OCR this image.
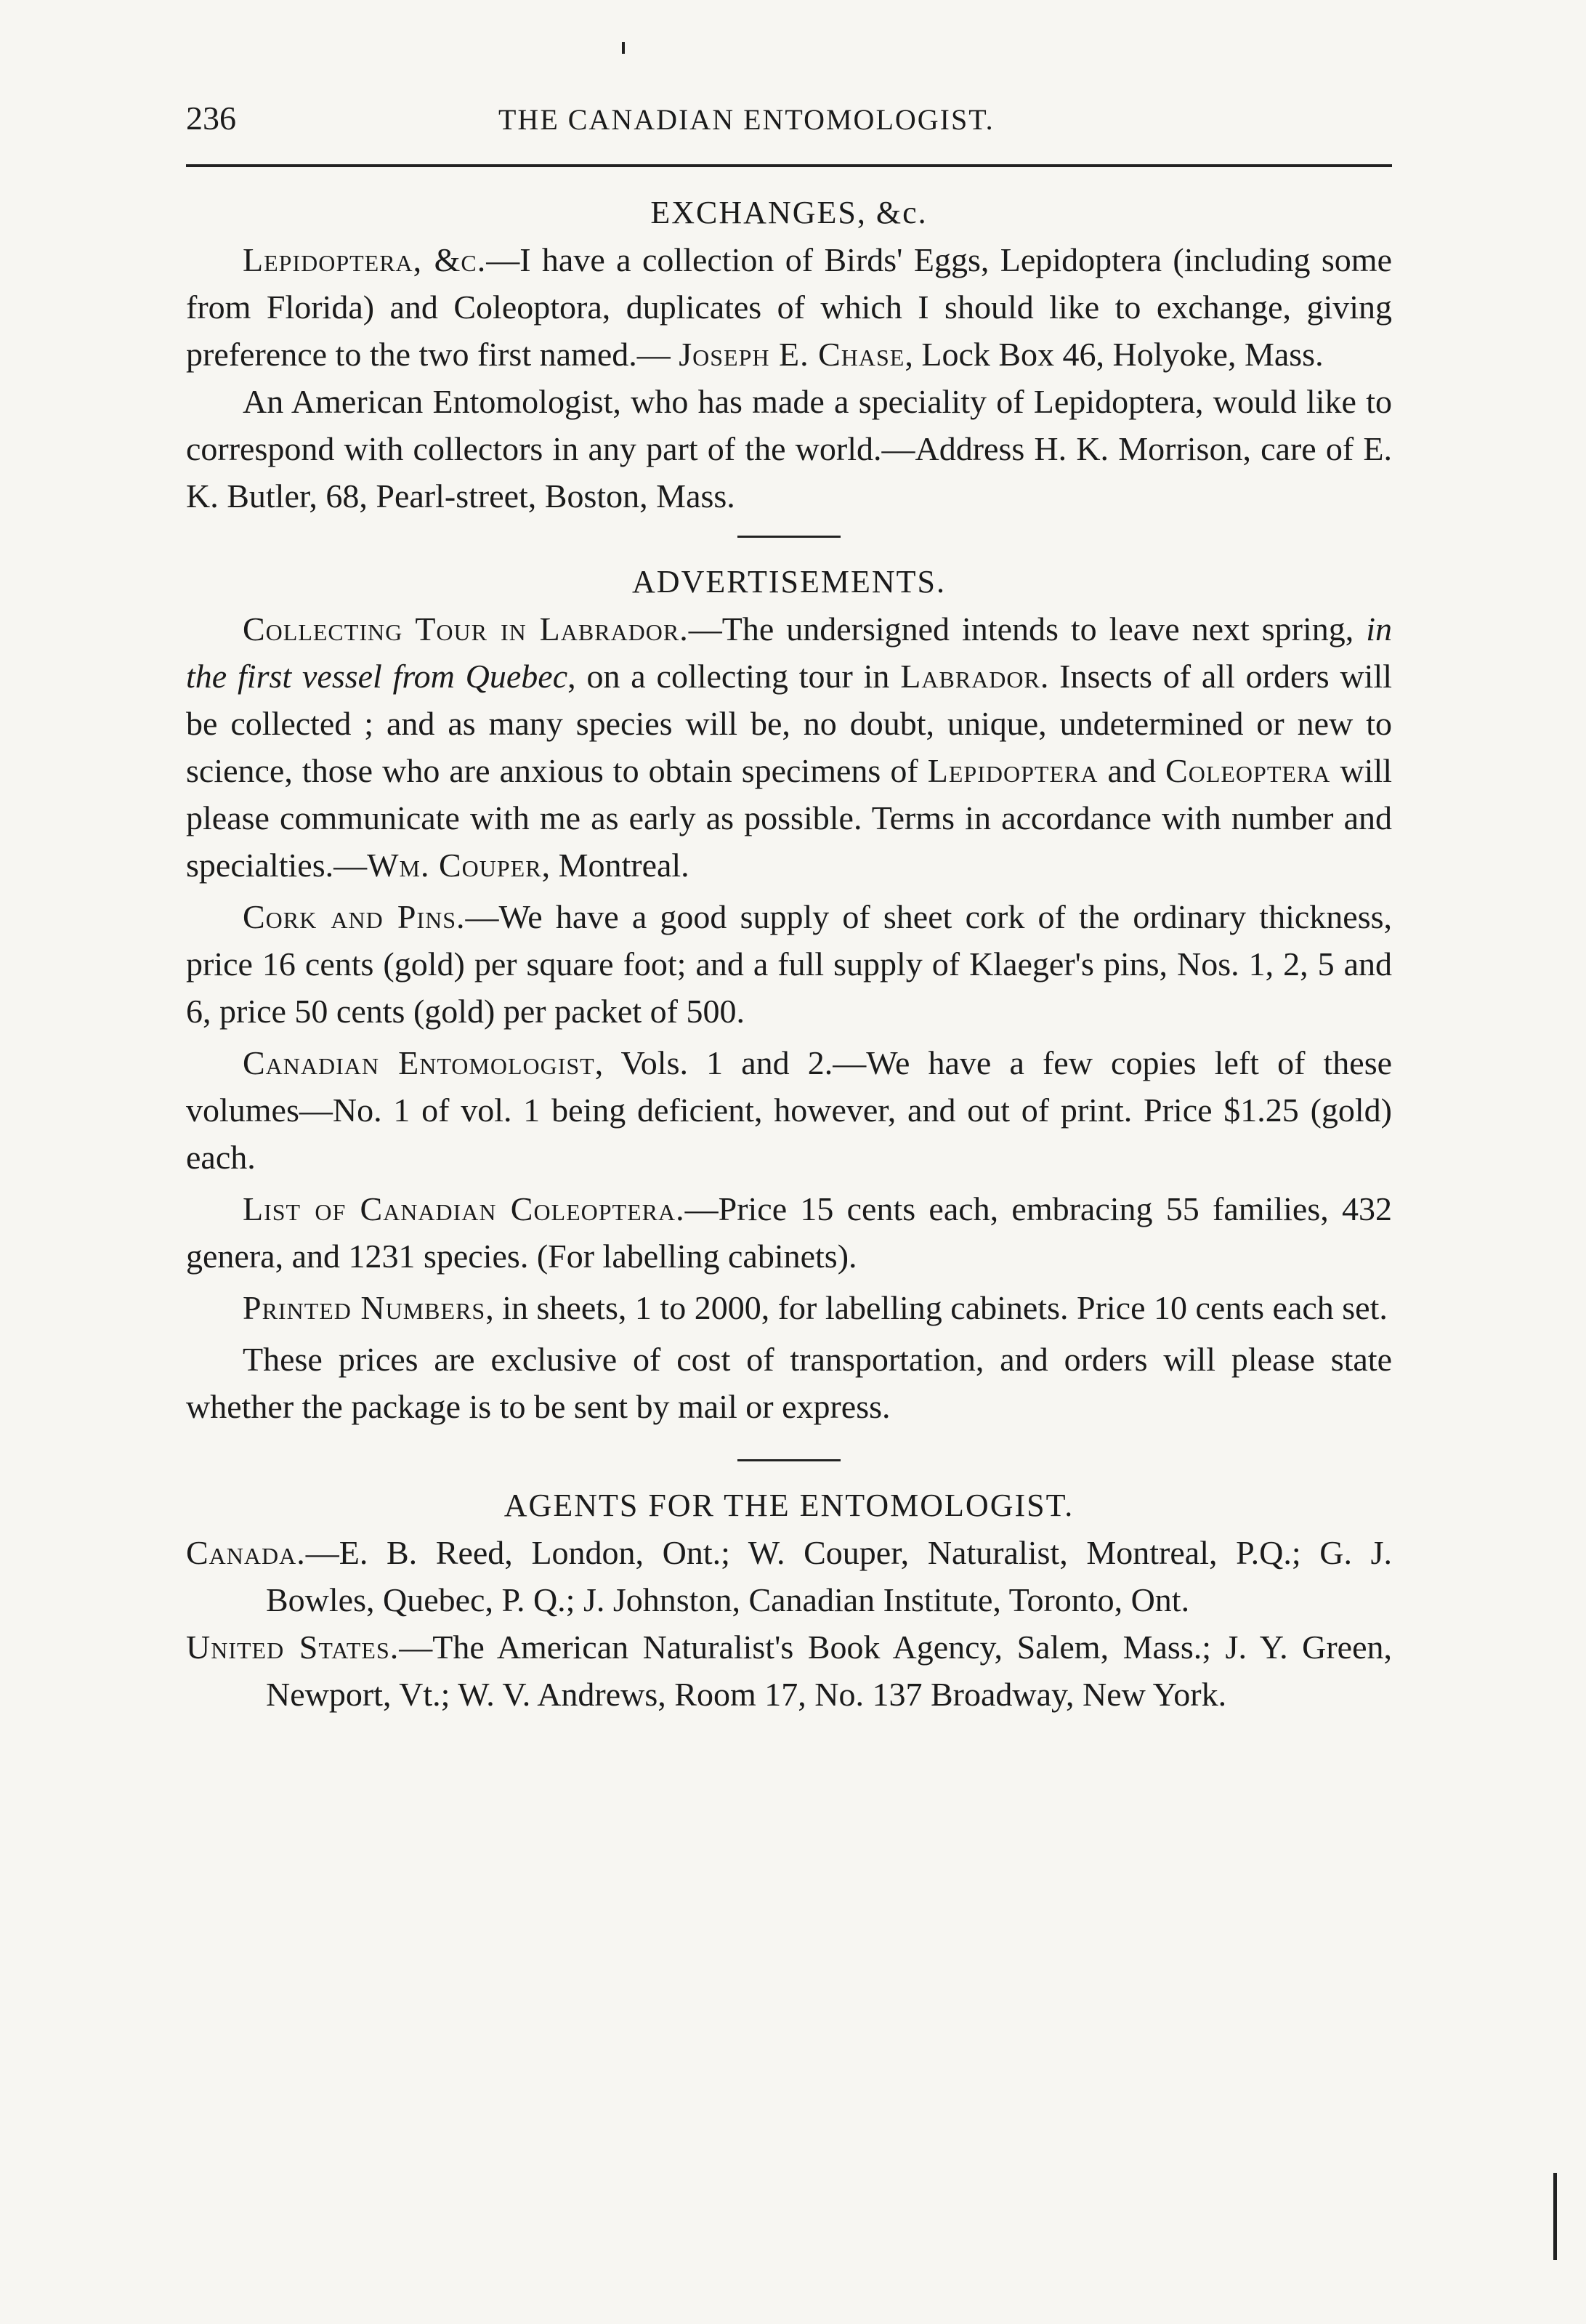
236	THE CANADIAN ENTOMOLOGIST.
EXCHANGES, &c.

Lepidoptera, &c.—I have a collection of Birds' Eggs, Lepidoptera (including some from Florida) and Coleoptora, duplicates of which I should like to exchange, giving preference to the two first named.— Joseph E. Chase, Lock Box 46, Holyoke, Mass.

An American Entomologist, who has made a speciality of Lepidoptera, would like to correspond with collectors in any part of the world.—Address H. K. Morrison, care of E. K. Butler, 68, Pearl-street, Boston, Mass.

ADVERTISEMENTS.

Collecting Tour in Labrador.—The undersigned intends to leave next spring, in the first vessel from Quebec, on a collecting tour in Labrador. Insects of all orders will be collected ; and as many species will be, no doubt, unique, undetermined or new to science, those who are anxious to obtain specimens of Lepidoptera and Coleoptera will please communicate with me as early as possible. Terms in accordance with number and specialties.—Wm. Couper, Montreal.

Cork and Pins.—We have a good supply of sheet cork of the ordinary thickness, price 16 cents (gold) per square foot; and a full supply of Klaeger's pins, Nos. 1, 2, 5 and 6, price 50 cents (gold) per packet of 500.

Canadian Entomologist, Vols. 1 and 2.—We have a few copies left of these volumes—No. 1 of vol. 1 being deficient, however, and out of print. Price $1.25 (gold) each.

List of Canadian Coleoptera.—Price 15 cents each, embracing 55 families, 432 genera, and 1231 species. (For labelling cabinets).

Printed Numbers, in sheets, 1 to 2000, for labelling cabinets. Price 10 cents each set.

These prices are exclusive of cost of transportation, and orders will please state whether the package is to be sent by mail or express.

AGENTS FOR THE ENTOMOLOGIST.
Canada.—E. B. Reed, London, Ont.; W. Couper, Naturalist, Montreal, P.Q.; G. J. Bowles, Quebec, P. Q.; J. Johnston, Canadian Institute, Toronto, Ont.
United States.—The American Naturalist's Book Agency, Salem, Mass.; J. Y. Green, Newport, Vt.; W. V. Andrews, Room 17, No. 137 Broadway, New York.
